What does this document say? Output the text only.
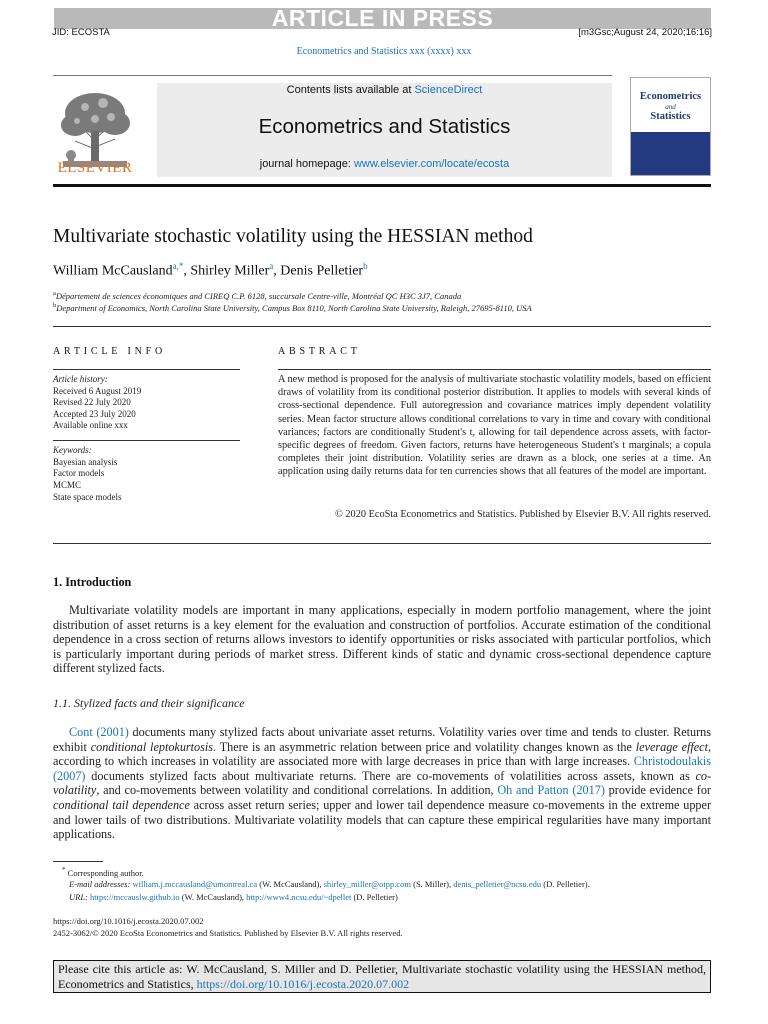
ARTICLE IN PRESS
JID: ECOSTA	[m3Gsc;August 24, 2020;16:16]
Econometrics and Statistics xxx (xxxx) xxx
ELSEVIER
Contents lists available at ScienceDirect
Econometrics and Statistics
journal homepage: www.elsevier.com/locate/ecosta
Econometrics
and
Statistics
Multivariate stochastic volatility using the HESSIAN method
William McCausland$^{a,*}$, Shirley Miller$^a$, Denis Pelletier$^b$
$^a$Département de sciences économiques and CIREQ C.P. 6128, succursale Centre-ville, Montréal QC H3C 3J7, Canada
$^b$Department of Economics, North Carolina State University, Campus Box 8110, North Carolina State University, Raleigh, 27695-8110, USA
ARTICLE INFO
Article history:
Received 6 August 2019
Revised 22 July 2020
Accepted 23 July 2020
Available online xxx
Keywords:
Bayesian analysis
Factor models
MCMC
State space models
ABSTRACT
A new method is proposed for the analysis of multivariate stochastic volatility models, based on efficient draws of volatility from its conditional posterior distribution. It applies to models with several kinds of cross-sectional dependence. Full autoregression and covariance matrices imply dependent volatility series. Mean factor structure allows conditional correlations to vary in time and covary with conditional variances; factors are conditionally Student's t, allowing for tail dependence across assets, with factor-specific degrees of freedom. Given factors, returns have heterogeneous Student's t marginals; a copula completes their joint distribution. Volatility series are drawn as a block, one series at a time. An application using daily returns data for ten currencies shows that all features of the model are important.
© 2020 EcoSta Econometrics and Statistics. Published by Elsevier B.V. All rights reserved.
1. Introduction
Multivariate volatility models are important in many applications, especially in modern portfolio management, where the joint distribution of asset returns is a key element for the evaluation and construction of portfolios. Accurate estimation of the conditional dependence in a cross section of returns allows investors to identify opportunities or risks associated with particular portfolios, which is particularly important during periods of market stress. Different kinds of static and dynamic cross-sectional dependence capture different stylized facts.
1.1. Stylized facts and their significance
Cont (2001) documents many stylized facts about univariate asset returns. Volatility varies over time and tends to cluster. Returns exhibit conditional leptokurtosis. There is an asymmetric relation between price and volatility changes known as the leverage effect, according to which increases in volatility are associated more with large decreases in price than with large increases. Christodoulakis (2007) documents stylized facts about multivariate returns. There are co-movements of volatilities across assets, known as co-volatility, and co-movements between volatility and conditional correlations. In addition, Oh and Patton (2017) provide evidence for conditional tail dependence across asset return series; upper and lower tail dependence measure co-movements in the extreme upper and lower tails of two distributions. Multivariate volatility models that can capture these empirical regularities have many important applications.
* Corresponding author.
E-mail addresses: william.j.mccausland@umontreal.ca (W. McCausland), shirley_miller@otpp.com (S. Miller), denis_pelletier@ncsu.edu (D. Pelletier).
URL: https://mccauslw.github.io (W. McCausland), http://www4.ncsu.edu/~dpellet (D. Pelletier)
https://doi.org/10.1016/j.ecosta.2020.07.002
2452-3062/© 2020 EcoSta Econometrics and Statistics. Published by Elsevier B.V. All rights reserved.
Please cite this article as: W. McCausland, S. Miller and D. Pelletier, Multivariate stochastic volatility using the HESSIAN method, Econometrics and Statistics, https://doi.org/10.1016/j.ecosta.2020.07.002
